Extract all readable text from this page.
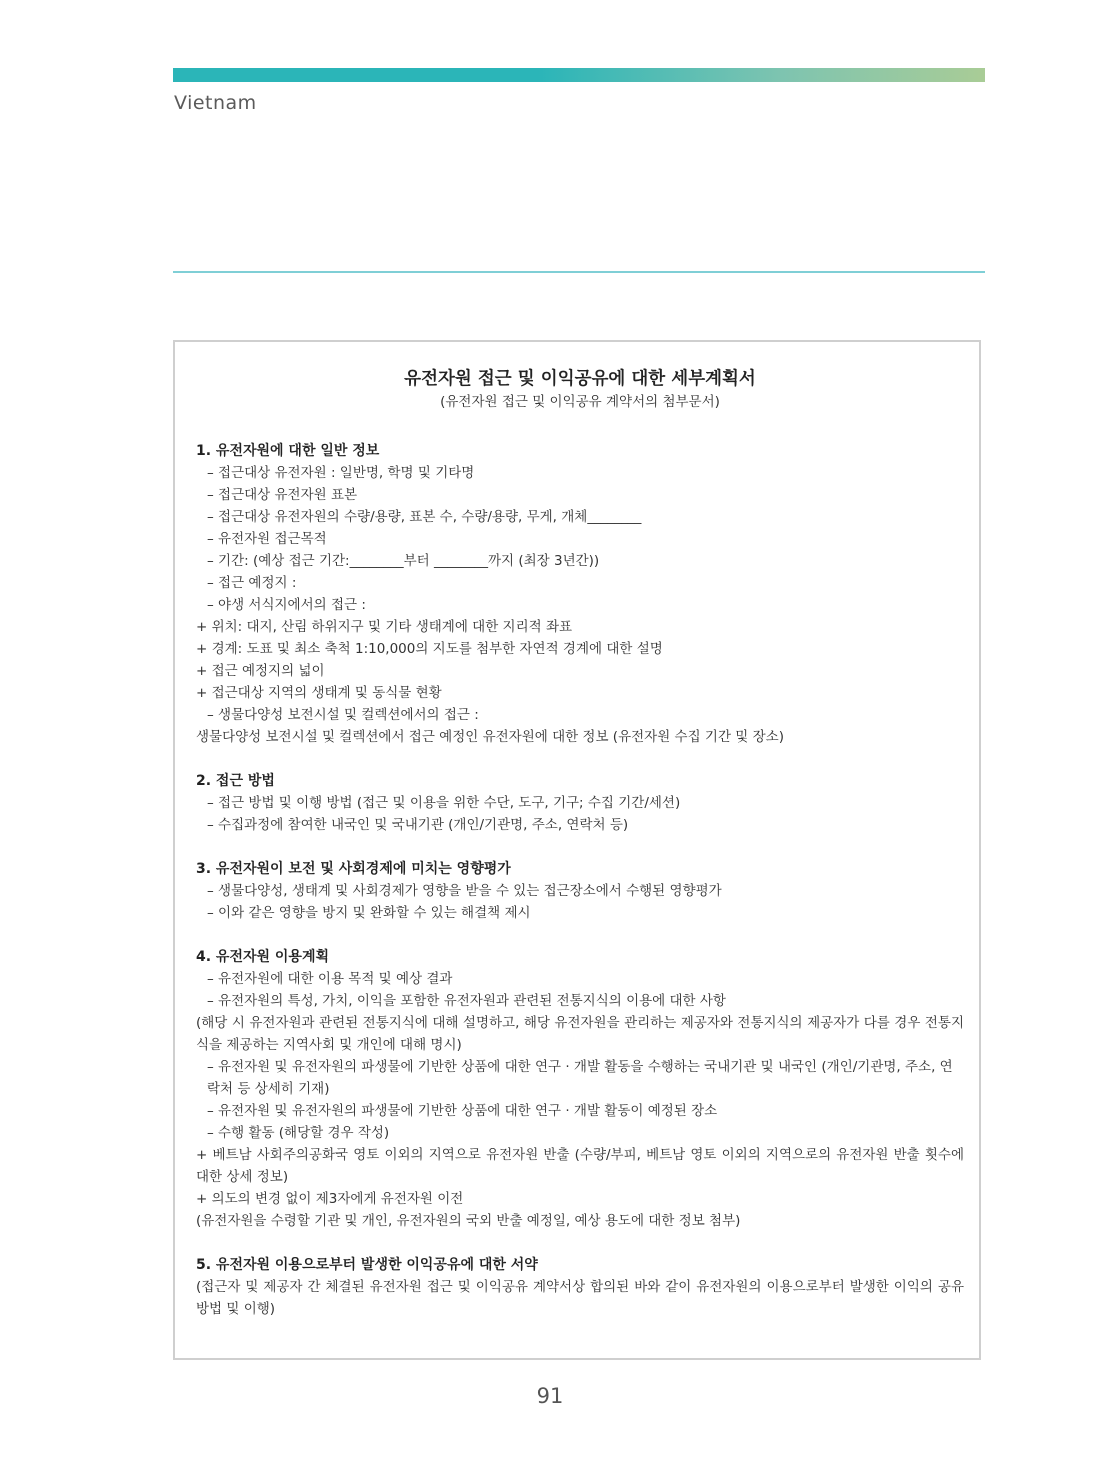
Vietnam

유전자원 접근 및 이익공유에 대한 세부계획서

(유전자원 접근 및 이익공유 계약서의 첨부문서)

1. 유전자원에 대한 일반 정보

– 접근대상 유전자원 : 일반명, 학명 및 기타명

– 접근대상 유전자원 표본

– 접근대상 유전자원의 수량/용량, 표본 수, 수량/용량, 무게, 개체________

– 유전자원 접근목적

– 기간: (예상 접근 기간:________부터 ________까지 (최장 3년간))

– 접근 예정지 :

– 야생 서식지에서의 접근 :

+ 위치: 대지, 산림 하위지구 및 기타 생태계에 대한 지리적 좌표

+ 경계: 도표 및 최소 축척 1:10,000의 지도를 첨부한 자연적 경계에 대한 설명

+ 접근 예정지의 넓이

+ 접근대상 지역의 생태계 및 동식물 현황

– 생물다양성 보전시설 및 컬렉션에서의 접근 :

생물다양성 보전시설 및 컬렉션에서 접근 예정인 유전자원에 대한 정보 (유전자원 수집 기간 및 장소)

2. 접근 방법

– 접근 방법 및 이행 방법 (접근 및 이용을 위한 수단, 도구, 기구; 수집 기간/세션)

– 수집과정에 참여한 내국인 및 국내기관 (개인/기관명, 주소, 연락처 등)

3. 유전자원이 보전 및 사회경제에 미치는 영향평가

– 생물다양성, 생태계 및 사회경제가 영향을 받을 수 있는 접근장소에서 수행된 영향평가

– 이와 같은 영향을 방지 및 완화할 수 있는 해결책 제시

4. 유전자원 이용계획

– 유전자원에 대한 이용 목적 및 예상 결과

– 유전자원의 특성, 가치, 이익을 포함한 유전자원과 관련된 전통지식의 이용에 대한 사항

(해당 시 유전자원과 관련된 전통지식에 대해 설명하고, 해당 유전자원을 관리하는 제공자와 전통지식의 제공자가 다를 경우 전통지식을 제공하는 지역사회 및 개인에 대해 명시)

– 유전자원 및 유전자원의 파생물에 기반한 상품에 대한 연구 · 개발 활동을 수행하는 국내기관 및 내국인 (개인/기관명, 주소, 연락처 등 상세히 기재)

– 유전자원 및 유전자원의 파생물에 기반한 상품에 대한 연구 · 개발 활동이 예정된 장소

– 수행 활동 (해당할 경우 작성)

+ 베트남 사회주의공화국 영토 이외의 지역으로 유전자원 반출 (수량/부피, 베트남 영토 이외의 지역으로의 유전자원 반출 횟수에 대한 상세 정보)

+ 의도의 변경 없이 제3자에게 유전자원 이전

(유전자원을 수령할 기관 및 개인, 유전자원의 국외 반출 예정일, 예상 용도에 대한 정보 첨부)

5. 유전자원 이용으로부터 발생한 이익공유에 대한 서약

(접근자 및 제공자 간 체결된 유전자원 접근 및 이익공유 계약서상 합의된 바와 같이 유전자원의 이용으로부터 발생한 이익의 공유 방법 및 이행)

91
